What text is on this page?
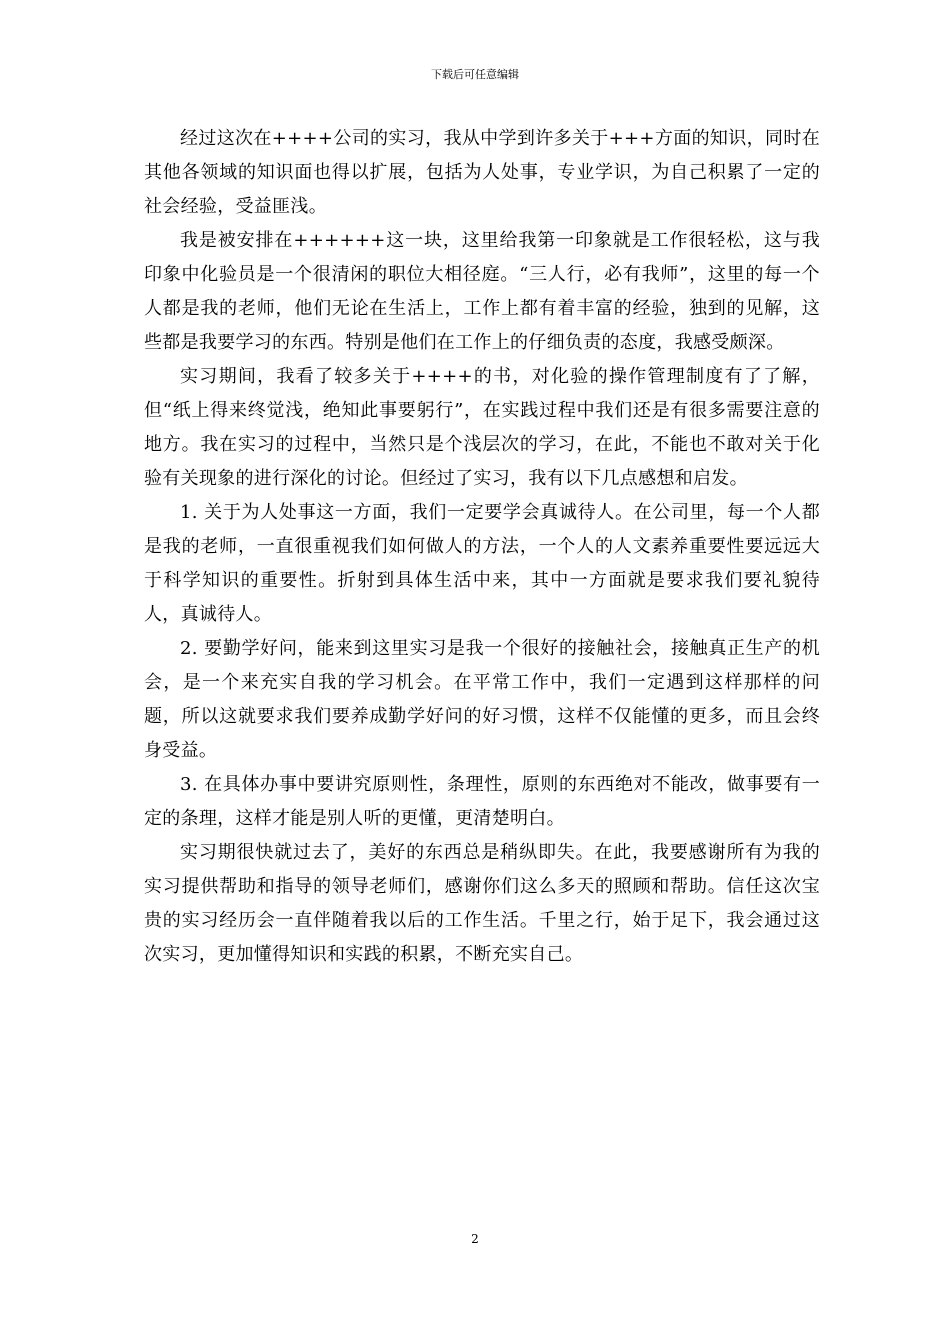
下载后可任意编辑

经过这次在++++公司的实习，我从中学到许多关于+++方面的知识，同时在其他各领域的知识面也得以扩展，包括为人处事，专业学识，为自己积累了一定的社会经验，受益匪浅。

我是被安排在++++++这一块，这里给我第一印象就是工作很轻松，这与我印象中化验员是一个很清闲的职位大相径庭。“三人行，必有我师”，这里的每一个人都是我的老师，他们无论在生活上，工作上都有着丰富的经验，独到的见解，这些都是我要学习的东西。特别是他们在工作上的仔细负责的态度，我感受颇深。

实习期间，我看了较多关于++++的书，对化验的操作管理制度有了了解，但“纸上得来终觉浅，绝知此事要躬行”，在实践过程中我们还是有很多需要注意的地方。我在实习的过程中，当然只是个浅层次的学习，在此，不能也不敢对关于化验有关现象的进行深化的讨论。但经过了实习，我有以下几点感想和启发。

1. 关于为人处事这一方面，我们一定要学会真诚待人。在公司里，每一个人都是我的老师，一直很重视我们如何做人的方法，一个人的人文素养重要性要远远大于科学知识的重要性。折射到具体生活中来，其中一方面就是要求我们要礼貌待人，真诚待人。

2. 要勤学好问，能来到这里实习是我一个很好的接触社会，接触真正生产的机会，是一个来充实自我的学习机会。在平常工作中，我们一定遇到这样那样的问题，所以这就要求我们要养成勤学好问的好习惯，这样不仅能懂的更多，而且会终身受益。

3. 在具体办事中要讲究原则性，条理性，原则的东西绝对不能改，做事要有一定的条理，这样才能是别人听的更懂，更清楚明白。

实习期很快就过去了，美好的东西总是稍纵即失。在此，我要感谢所有为我的实习提供帮助和指导的领导老师们，感谢你们这么多天的照顾和帮助。信任这次宝贵的实习经历会一直伴随着我以后的工作生活。千里之行，始于足下，我会通过这次实习，更加懂得知识和实践的积累，不断充实自己。

2
